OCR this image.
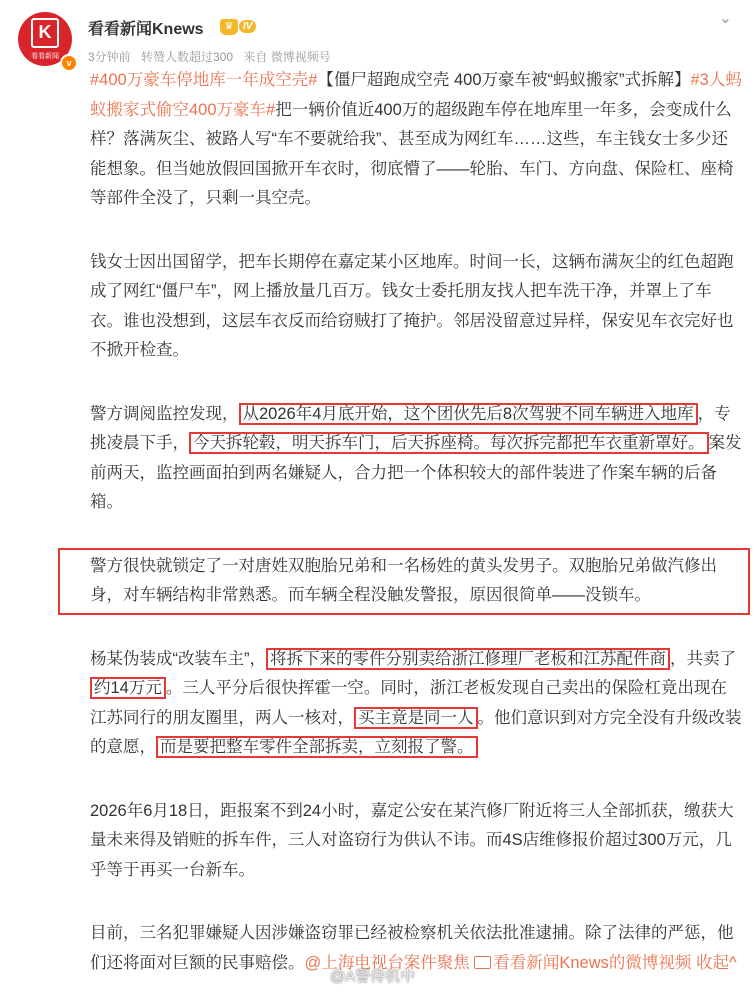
K
看看新闻
v
看看新闻Knews	♛ IV	⌄
3分钟前 转赞人数超过300 来自 微博视频号

#400万豪车停地库一年成空壳#【僵尸超跑成空壳 400万豪车被“蚂蚁搬家”式拆解】#3人蚂蚁搬家式偷空400万豪车#把一辆价值近400万的超级跑车停在地库里一年多，会变成什么样？落满灰尘、被路人写“车不要就给我”、甚至成为网红车……这些，车主钱女士多少还能想象。但当她放假回国掀开车衣时，彻底懵了——轮胎、车门、方向盘、保险杠、座椅等部件全没了，只剩一具空壳。

钱女士因出国留学，把车长期停在嘉定某小区地库。时间一长，这辆布满灰尘的红色超跑成了网红“僵尸车”，网上播放量几百万。钱女士委托朋友找人把车洗干净，并罩上了车衣。谁也没想到，这层车衣反而给窃贼打了掩护。邻居没留意过异样，保安见车衣完好也不掀开检查。

警方调阅监控发现， 从2026年4月底开始，这个团伙先后8次驾驶不同车辆进入地库 ，专挑凌晨下手， 今天拆轮毂，明天拆车门，后天拆座椅。每次拆完都把车衣重新罩好。 案发前两天，监控画面拍到两名嫌疑人，合力把一个体积较大的部件装进了作案车辆的后备箱。

警方很快就锁定了一对唐姓双胞胎兄弟和一名杨姓的黄头发男子。双胞胎兄弟做汽修出身，对车辆结构非常熟悉。而车辆全程没触发警报，原因很简单——没锁车。

杨某伪装成“改装车主”， 将拆下来的零件分别卖给浙江修理厂老板和江苏配件商 ，共卖了约14万元 。三人平分后很快挥霍一空。同时，浙江老板发现自己卖出的保险杠竟出现在江苏同行的朋友圈里，两人一核对， 买主竟是同一人 。他们意识到对方完全没有升级改装的意愿， 而是要把整车零件全部拆卖，立刻报了警。

2026年6月18日，距报案不到24小时，嘉定公安在某汽修厂附近将三人全部抓获，缴获大量未来得及销赃的拆车件，三人对盗窃行为供认不讳。而4S店维修报价超过300万元，几乎等于再买一台新车。

目前，三名犯罪嫌疑人因涉嫌盗窃罪已经被检察机关依法批准逮捕。除了法律的严惩，他们还将面对巨额的民事赔偿。@上海电视台案件聚焦 看看新闻Knews的微博视频 收起^

@A警侍机中
